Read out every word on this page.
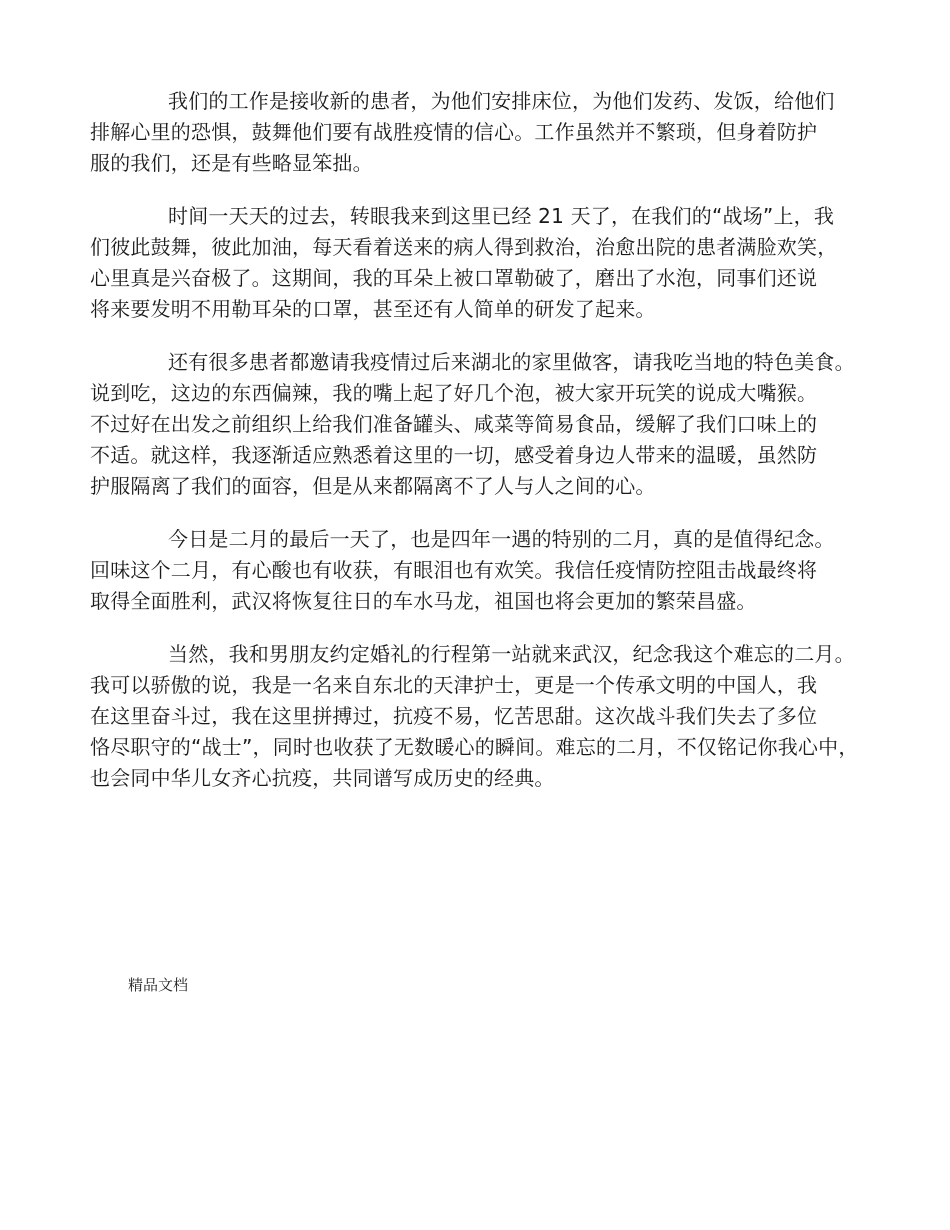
我们的工作是接收新的患者，为他们安排床位，为他们发药、发饭，给他们
排解心里的恐惧，鼓舞他们要有战胜疫情的信心。工作虽然并不繁琐，但身着防护
服的我们，还是有些略显笨拙。
时间一天天的过去，转眼我来到这里已经 21 天了，在我们的“战场”上，我
们彼此鼓舞，彼此加油，每天看着送来的病人得到救治，治愈出院的患者满脸欢笑，
心里真是兴奋极了。这期间，我的耳朵上被口罩勒破了，磨出了水泡，同事们还说
将来要发明不用勒耳朵的口罩，甚至还有人简单的研发了起来。
还有很多患者都邀请我疫情过后来湖北的家里做客，请我吃当地的特色美食。
说到吃，这边的东西偏辣，我的嘴上起了好几个泡，被大家开玩笑的说成大嘴猴。
不过好在出发之前组织上给我们准备罐头、咸菜等简易食品，缓解了我们口味上的
不适。就这样，我逐渐适应熟悉着这里的一切，感受着身边人带来的温暖，虽然防
护服隔离了我们的面容，但是从来都隔离不了人与人之间的心。
今日是二月的最后一天了，也是四年一遇的特别的二月，真的是值得纪念。
回味这个二月，有心酸也有收获，有眼泪也有欢笑。我信任疫情防控阻击战最终将
取得全面胜利，武汉将恢复往日的车水马龙，祖国也将会更加的繁荣昌盛。
当然，我和男朋友约定婚礼的行程第一站就来武汉，纪念我这个难忘的二月。
我可以骄傲的说，我是一名来自东北的天津护士，更是一个传承文明的中国人，我
在这里奋斗过，我在这里拼搏过，抗疫不易，忆苦思甜。这次战斗我们失去了多位
恪尽职守的“战士”，同时也收获了无数暖心的瞬间。难忘的二月，不仅铭记你我心中，
也会同中华儿女齐心抗疫，共同谱写成历史的经典。
精品文档
